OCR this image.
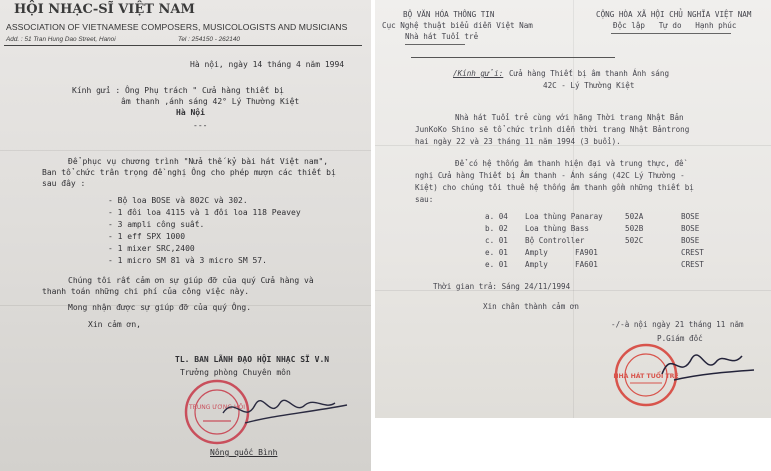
HỘI NHẠC-SĨ VIỆT NAM
ASSOCIATION OF VIETNAMESE COMPOSERS, MUSICOLOGISTS AND MUSICIANS
Add. : 51 Tran Hung Dao Street, Hanoi	Tel : 254150 - 262140
Hà nội, ngày 14 tháng 4 năm 1994
Kính gửi : Ông Phụ trách " Cửa hàng thiết bị
âm thanh ,ánh sáng 42° Lý Thường Kiệt
Hà Nội
---
Để phục vụ chương trình "Nửa thế kỷ bài hát Việt nam",
Ban tổ chức trân trọng đề nghị Ông cho phép mượn các thiết bị
sau đây :
- Bộ loa BOSE và 802C và 302.
- 1 đôi loa 4115 và 1 đôi loa 118 Peavey
- 3 ampli công suất.
- 1 eff SPX 1000
- 1 mixer SRC,2400
- 1 micro SM 81 và 3 micro SM 57.
Chúng tôi rất cảm ơn sự giúp đỡ của quý Cửa hàng và
thanh toán những chi phí của công việc này.
Mong nhận được sự giúp đỡ của quý Ông.
Xin cảm ơn,
TL. BAN LÃNH ĐẠO HỘI NHẠC SĨ V.N
Trưởng phòng Chuyên môn
TRUNG ƯƠNG HỘI
Nông quốc Bình
BỘ VĂN HÓA THÔNG TIN
Cục Nghệ thuật biểu diễn Việt Nam
Nhà hát Tuổi trẻ
CỘNG HÒA XÃ HỘI CHỦ NGHĨA VIỆT NAM
Độc lập   Tự do   Hạnh phúc
/Kính gửi: Cửa hàng Thiết bị âm thanh Ánh sáng
42C - Lý Thường Kiệt
Nhà hát Tuổi trẻ cùng với hãng Thời trang Nhật Bản
JunKoKo Shino sẽ tổ chức trình diễn thời trang Nhật Bảntrong
hai ngày 22 và 23 tháng 11 năm 1994 (3 buổi).
Để có hệ thống âm thanh hiện đại và trung thực, đề
nghị Cửa hàng Thiết bị Âm thanh - Ánh sáng (42C Lý Thường -
Kiệt) cho chúng tôi thuê hệ thống âm thanh gồm những thiết bị
sau:
a. 04 Loa thùng Panaray	502A	BOSE
b. 02 Loa thùng Bass	502B	BOSE
c. 01 Bộ Controller	502C	BOSE
e. 01 Amply	FA901	CREST
e. 01 Amply	FA601	CREST
Thời gian trả: Sáng 24/11/1994
Xin chân thành cảm ơn
-/-à nội ngày 21 tháng 11 năm
P.Giám đốc
NHÀ HÁT TUỔI TRẺ
